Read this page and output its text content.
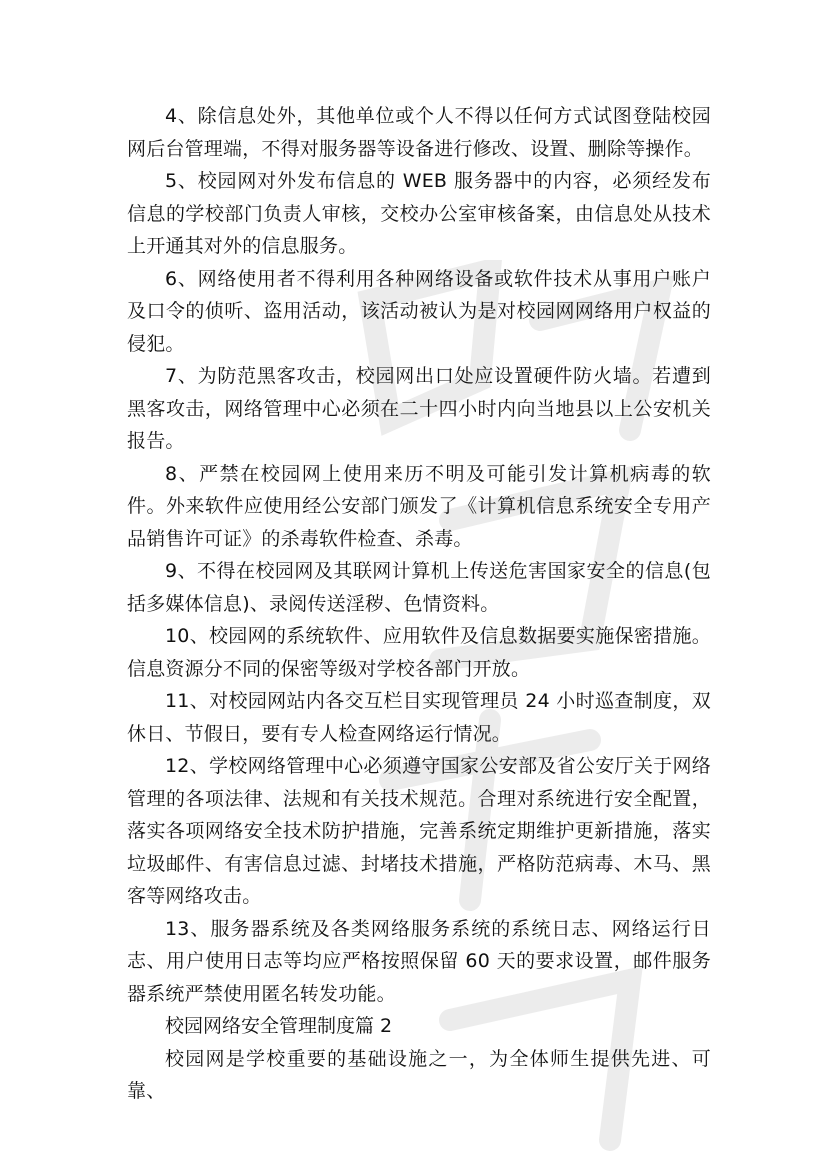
4、除信息处外，其他单位或个人不得以任何方式试图登陆校园网后台管理端，不得对服务器等设备进行修改、设置、删除等操作。

5、校园网对外发布信息的 WEB 服务器中的内容，必须经发布信息的学校部门负责人审核，交校办公室审核备案，由信息处从技术上开通其对外的信息服务。

6、网络使用者不得利用各种网络设备或软件技术从事用户账户及口令的侦听、盗用活动，该活动被认为是对校园网网络用户权益的侵犯。

7、为防范黑客攻击，校园网出口处应设置硬件防火墙。若遭到黑客攻击，网络管理中心必须在二十四小时内向当地县以上公安机关报告。

8、严禁在校园网上使用来历不明及可能引发计算机病毒的软件。外来软件应使用经公安部门颁发了《计算机信息系统安全专用产品销售许可证》的杀毒软件检查、杀毒。

9、不得在校园网及其联网计算机上传送危害国家安全的信息(包括多媒体信息)、录阅传送淫秽、色情资料。

10、校园网的系统软件、应用软件及信息数据要实施保密措施。信息资源分不同的保密等级对学校各部门开放。

11、对校园网站内各交互栏目实现管理员 24 小时巡查制度，双休日、节假日，要有专人检查网络运行情况。

12、学校网络管理中心必须遵守国家公安部及省公安厅关于网络管理的各项法律、法规和有关技术规范。合理对系统进行安全配置，落实各项网络安全技术防护措施，完善系统定期维护更新措施，落实垃圾邮件、有害信息过滤、封堵技术措施，严格防范病毒、木马、黑客等网络攻击。

13、服务器系统及各类网络服务系统的系统日志、网络运行日志、用户使用日志等均应严格按照保留 60 天的要求设置，邮件服务器系统严禁使用匿名转发功能。

校园网络安全管理制度篇 2

校园网是学校重要的基础设施之一，为全体师生提供先进、可靠、
